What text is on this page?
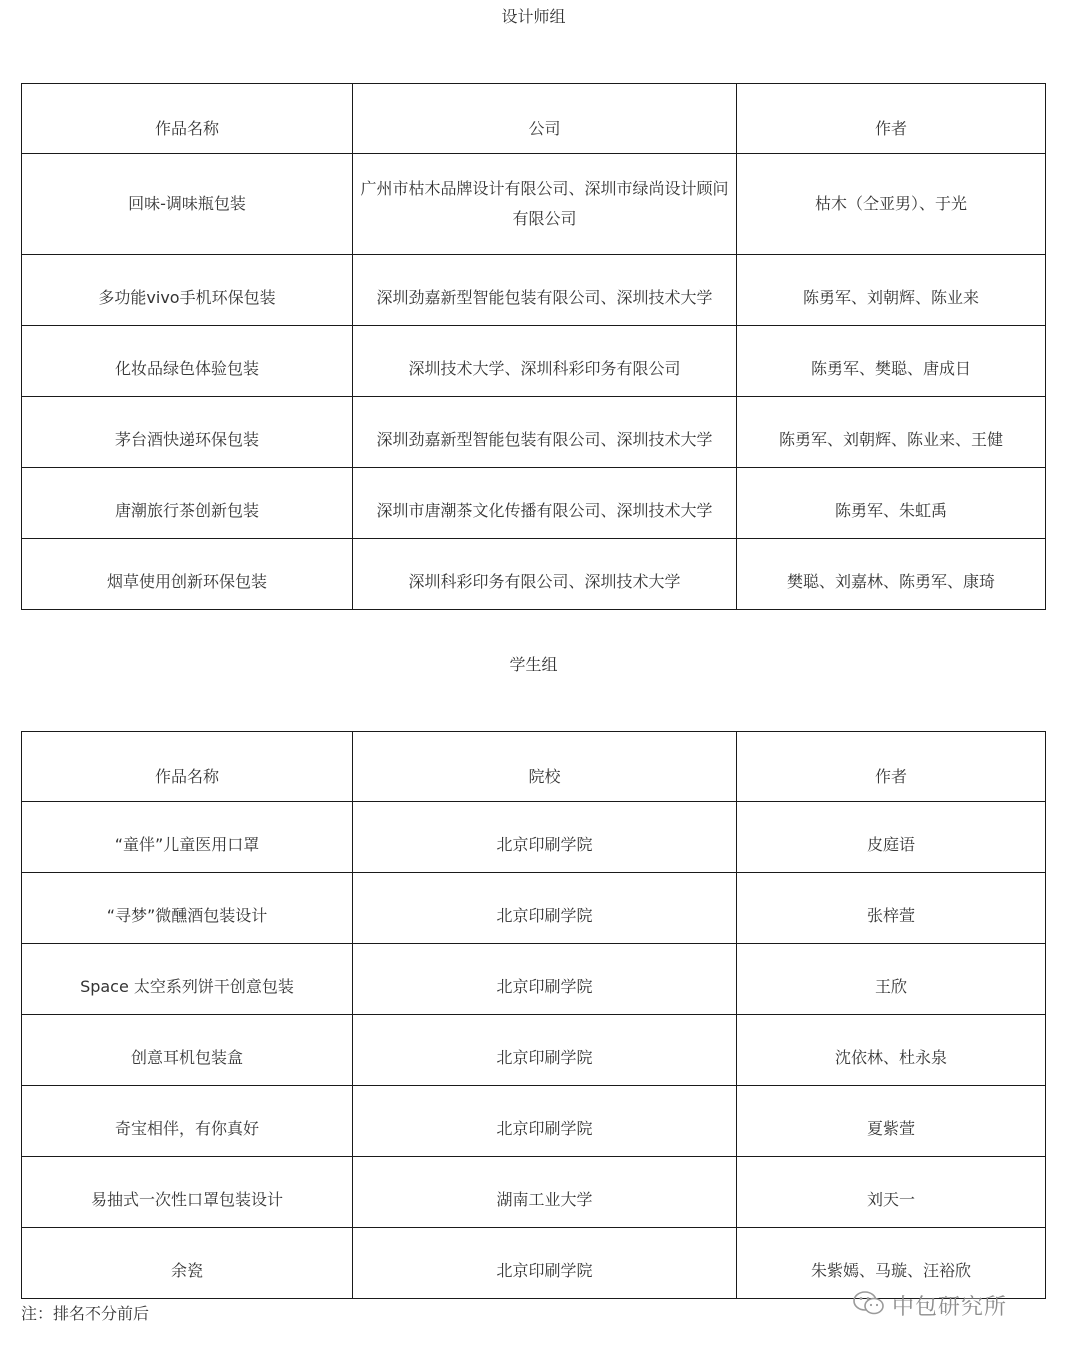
设计师组
作品名称	公司	作者
回味-调味瓶包装	广州市枯木品牌设计有限公司、深圳市绿尚设计顾问有限公司	枯木（仝亚男）、于光
多功能vivo手机环保包装	深圳劲嘉新型智能包装有限公司、深圳技术大学	陈勇军、刘朝辉、陈业来
化妆品绿色体验包装	深圳技术大学、深圳科彩印务有限公司	陈勇军、樊聪、唐成日
茅台酒快递环保包装	深圳劲嘉新型智能包装有限公司、深圳技术大学	陈勇军、刘朝辉、陈业来、王健
唐潮旅行茶创新包装	深圳市唐潮茶文化传播有限公司、深圳技术大学	陈勇军、朱虹禹
烟草使用创新环保包装	深圳科彩印务有限公司、深圳技术大学	樊聪、刘嘉林、陈勇军、康琦
学生组
作品名称	院校	作者
“童伴”儿童医用口罩	北京印刷学院	皮庭语
“寻梦”微醺酒包装设计	北京印刷学院	张梓萱
Space 太空系列饼干创意包装	北京印刷学院	王欣
创意耳机包装盒	北京印刷学院	沈依林、杜永泉
奇宝相伴，有你真好	北京印刷学院	夏紫萱
易抽式一次性口罩包装设计	湖南工业大学	刘天一
余瓷	北京印刷学院	朱紫嫣、马璇、汪裕欣
注：排名不分前后	中包研究所
